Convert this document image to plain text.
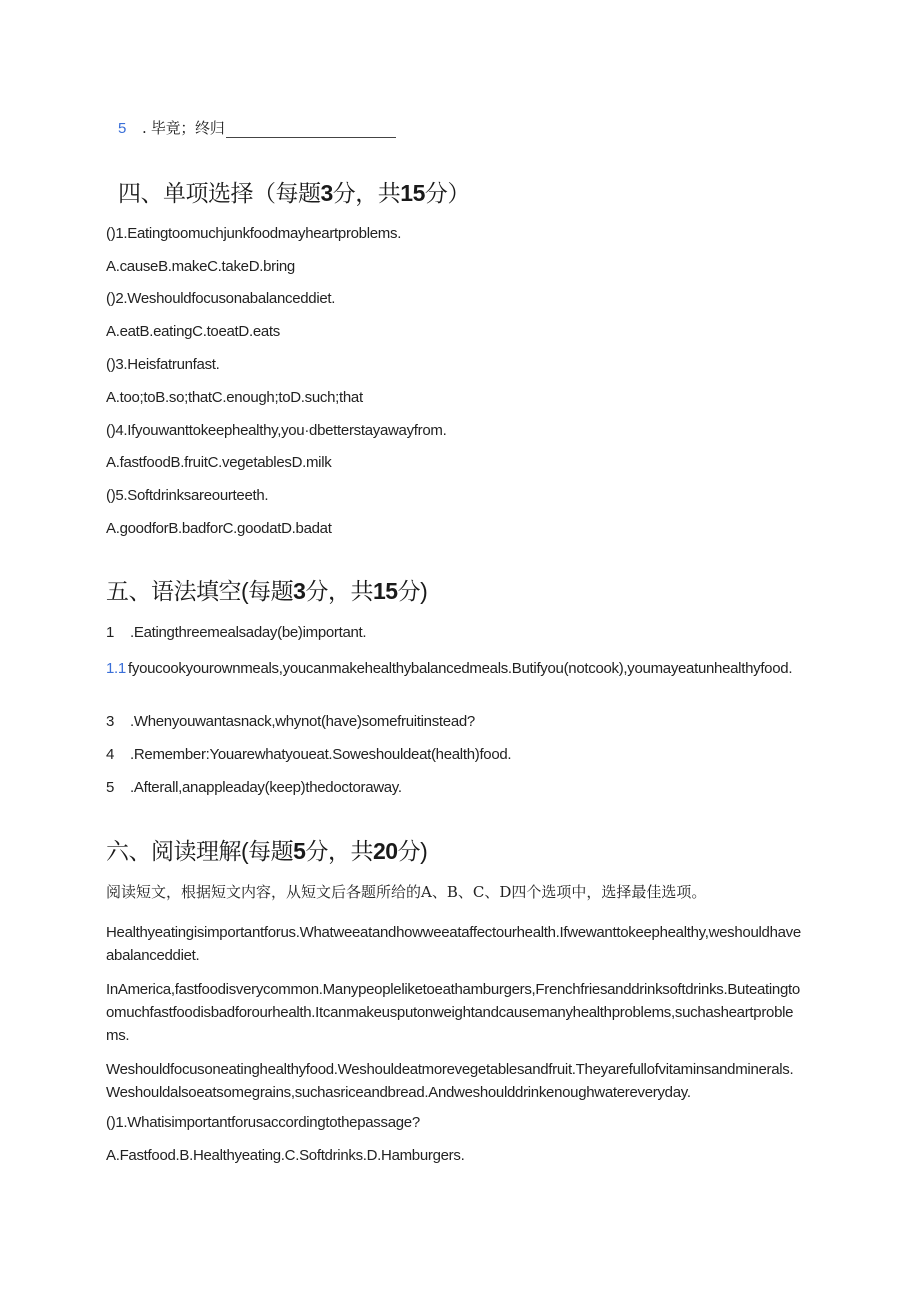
5 . 毕竟；终归
四、单项选择（每题3分，共15分）
()1.Eatingtoomuchjunkfoodmayheartproblems.
A.causeB.makeC.takeD.bring
()2.Weshouldfocusonabalanceddiet.
A.eatB.eatingC.toeatD.eats
()3.Heisfatrunfast.
A.too;toB.so;thatC.enough;toD.such;that
()4.Ifyouwanttokeephealthy,you·dbetterstayawayfrom.
A.fastfoodB.fruitC.vegetablesD.milk
()5.Softdrinksareourteeth.
A.goodforB.badforC.goodatD.badat
五、语法填空(每题3分，共15分)
1 .Eatingthreemealsaday(be)important.
1.1 fyoucookyourownmeals,youcanmakehealthybalancedmeals.Butifyou(notcook),youmayeatunhealthyfood.
3 .Whenyouwantasnack,whynot(have)somefruitinstead?
4 .Remember:Youarewhatyoueat.Soweshouldeat(health)food.
5 .Afterall,anappleaday(keep)thedoctoraway.
六、阅读理解(每题5分，共20分)
阅读短文，根据短文内容，从短文后各题所给的A、B、C、D四个选项中，选择最佳选项。
Healthyeatingisimportantforus.Whatweeatandhowweeataffectourhealth.Ifwewanttokeephealthy,weshouldhaveabalanceddiet.
InAmerica,fastfoodisverycommon.Manypeopleliketoeathamburgers,Frenchfriesanddrinksoftdrinks.Buteatingtoomuchfastfoodisbadforourhealth.Itcanmakeusputonweightandcausemanyhealthproblems,suchasheartproblems.
Weshouldfocusoneatinghealthyfood.Weshouldeatmorevegetablesandfruit.Theyarefullofvitaminsandminerals.Weshouldalsoeatsomegrains,suchasriceandbread.Andweshoulddrinkenoughwatereveryday.
()1.Whatisimportantforusaccordingtothepassage?
A.Fastfood.B.Healthyeating.C.Softdrinks.D.Hamburgers.
